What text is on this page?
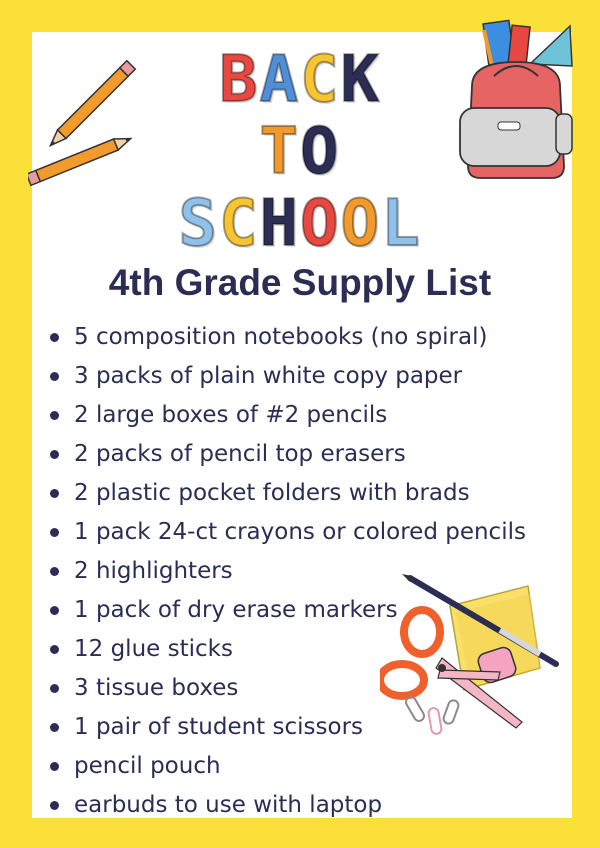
BACK
TO
SCHOOL
4th Grade Supply List
5 composition notebooks (no spiral)
3 packs of plain white copy paper
2 large boxes of #2 pencils
2 packs of pencil top erasers
2 plastic pocket folders with brads
1 pack 24-ct crayons or colored pencils
2 highlighters
1 pack of dry erase markers
12 glue sticks
3 tissue boxes
1 pair of student scissors
pencil pouch
earbuds to use with laptop
